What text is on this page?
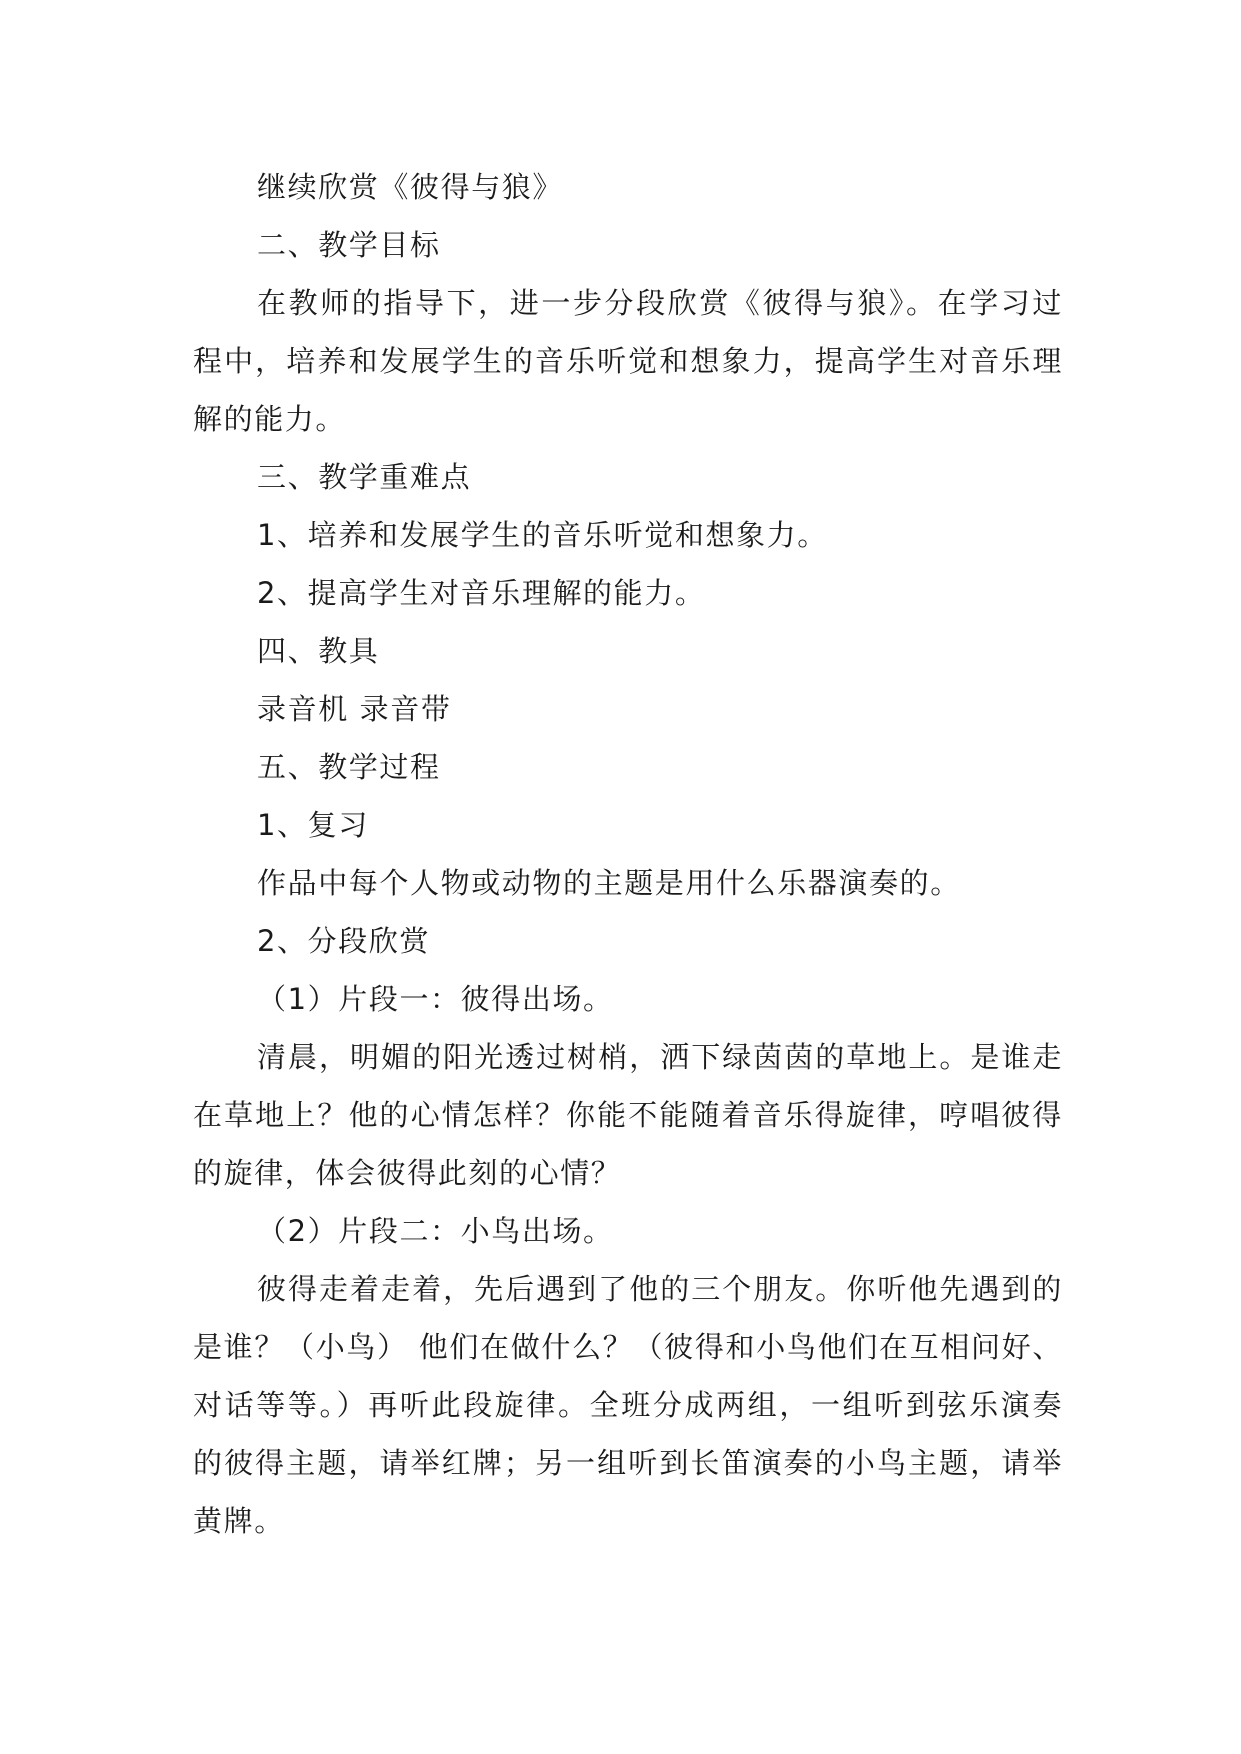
继续欣赏《彼得与狼》

二、教学目标

在教师的指导下，进一步分段欣赏《彼得与狼》。在学习过程中，培养和发展学生的音乐听觉和想象力，提高学生对音乐理解的能力。

三、教学重难点

1、培养和发展学生的音乐听觉和想象力。

2、提高学生对音乐理解的能力。

四、教具

录音机 录音带

五、教学过程

1、复习

作品中每个人物或动物的主题是用什么乐器演奏的。

2、分段欣赏

（1）片段一：彼得出场。

清晨，明媚的阳光透过树梢，洒下绿茵茵的草地上。是谁走在草地上？他的心情怎样？你能不能随着音乐得旋律，哼唱彼得的旋律，体会彼得此刻的心情？

（2）片段二：小鸟出场。

彼得走着走着，先后遇到了他的三个朋友。你听他先遇到的是谁？（小鸟） 他们在做什么？（彼得和小鸟他们在互相问好、对话等等。）再听此段旋律。全班分成两组，一组听到弦乐演奏的彼得主题，请举红牌；另一组听到长笛演奏的小鸟主题，请举黄牌。
